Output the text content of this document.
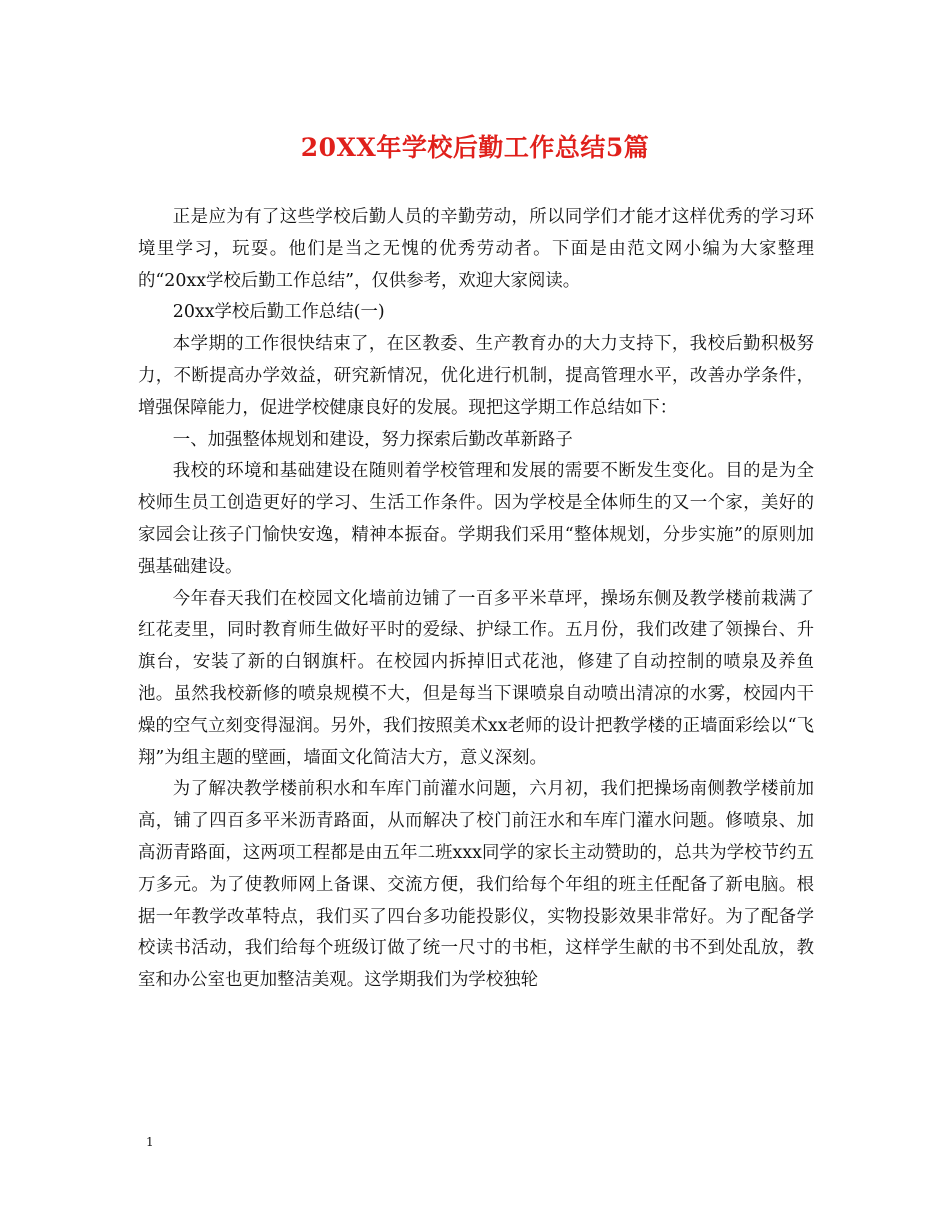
20XX年学校后勤工作总结5篇

正是应为有了这些学校后勤人员的辛勤劳动，所以同学们才能才这样优秀的学习环境里学习，玩耍。他们是当之无愧的优秀劳动者。下面是由范文网小编为大家整理的“20xx学校后勤工作总结”，仅供参考，欢迎大家阅读。

20xx学校后勤工作总结(一)

本学期的工作很快结束了，在区教委、生产教育办的大力支持下，我校后勤积极努力，不断提高办学效益，研究新情况，优化进行机制，提高管理水平，改善办学条件，增强保障能力，促进学校健康良好的发展。现把这学期工作总结如下：

一、加强整体规划和建设，努力探索后勤改革新路子

我校的环境和基础建设在随则着学校管理和发展的需要不断发生变化。目的是为全校师生员工创造更好的学习、生活工作条件。因为学校是全体师生的又一个家，美好的家园会让孩子门愉快安逸，精神本振奋。学期我们采用“整体规划，分步实施”的原则加强基础建设。

今年春天我们在校园文化墙前边铺了一百多平米草坪，操场东侧及教学楼前栽满了红花麦里，同时教育师生做好平时的爱绿、护绿工作。五月份，我们改建了领操台、升旗台，安装了新的白钢旗杆。在校园内拆掉旧式花池，修建了自动控制的喷泉及养鱼池。虽然我校新修的喷泉规模不大，但是每当下课喷泉自动喷出清凉的水雾，校园内干燥的空气立刻变得湿润。另外，我们按照美术xx老师的设计把教学楼的正墙面彩绘以“飞翔”为组主题的壁画，墙面文化简洁大方，意义深刻。

为了解决教学楼前积水和车库门前灌水问题，六月初，我们把操场南侧教学楼前加高，铺了四百多平米沥青路面，从而解决了校门前汪水和车库门灌水问题。修喷泉、加高沥青路面，这两项工程都是由五年二班xxx同学的家长主动赞助的，总共为学校节约五万多元。为了使教师网上备课、交流方便，我们给每个年组的班主任配备了新电脑。根据一年教学改革特点，我们买了四台多功能投影仪，实物投影效果非常好。为了配备学校读书活动，我们给每个班级订做了统一尺寸的书柜，这样学生献的书不到处乱放，教室和办公室也更加整洁美观。这学期我们为学校独轮

1
